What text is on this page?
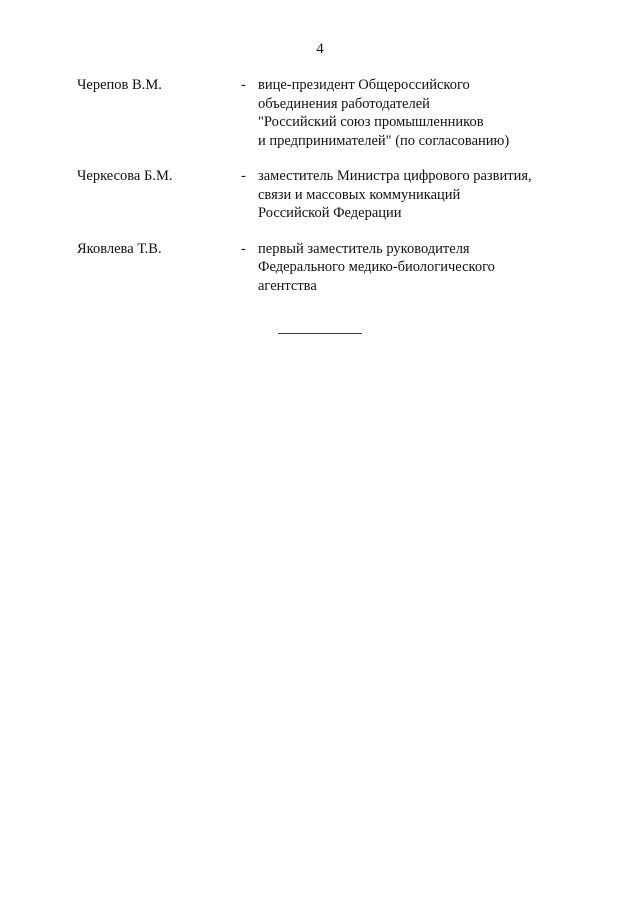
4
Черепов В.М.	- вице-президент Общероссийского
объединения работодателей
"Российский союз промышленников
и предпринимателей" (по согласованию)
Черкесова Б.М.	- заместитель Министра цифрового развития,
связи и массовых коммуникаций
Российской Федерации
Яковлева Т.В.	- первый заместитель руководителя
Федерального медико-биологического
агентства
